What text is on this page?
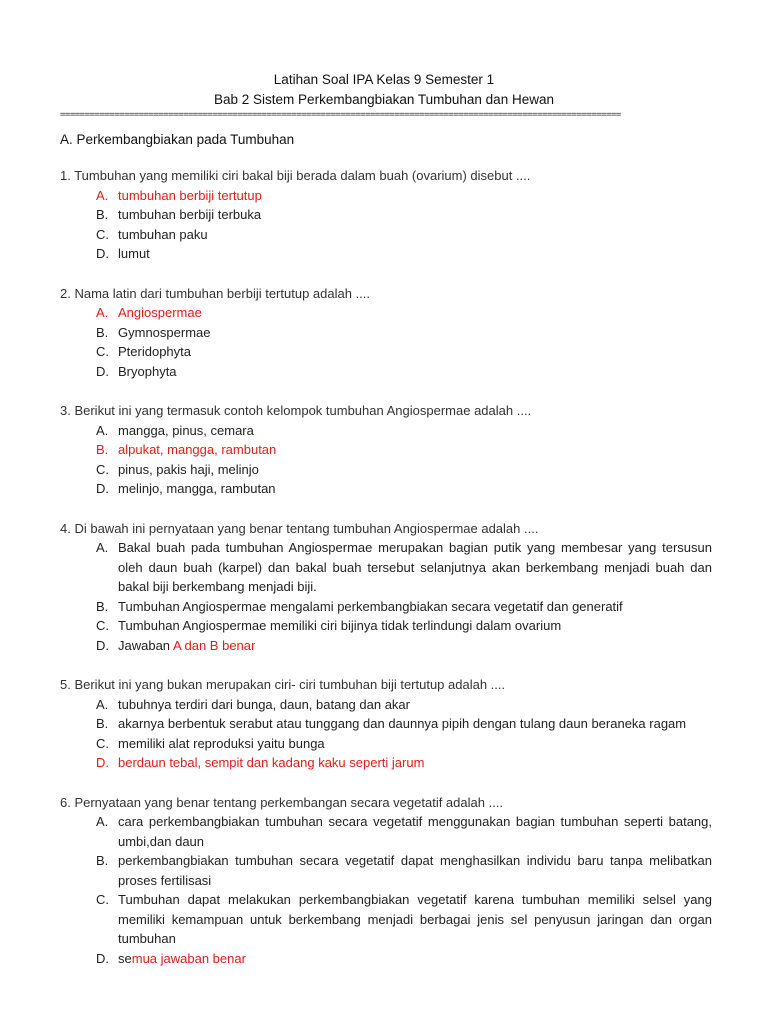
Latihan Soal IPA Kelas 9 Semester 1
Bab 2 Sistem Perkembangbiakan Tumbuhan dan Hewan
==================================================================================================================
A. Perkembangbiakan pada Tumbuhan
1. Tumbuhan yang memiliki ciri bakal biji berada dalam buah (ovarium) disebut ....
A. tumbuhan berbiji tertutup
B. tumbuhan berbiji terbuka
C. tumbuhan paku
D. lumut
2. Nama latin dari tumbuhan berbiji tertutup adalah ....
A. Angiospermae
B. Gymnospermae
C. Pteridophyta
D. Bryophyta
3. Berikut ini yang termasuk contoh kelompok tumbuhan Angiospermae adalah ....
A. mangga, pinus, cemara
B. alpukat, mangga, rambutan
C. pinus, pakis haji, melinjo
D. melinjo, mangga, rambutan
4. Di bawah ini pernyataan yang benar tentang tumbuhan Angiospermae adalah ....
A. Bakal buah pada tumbuhan Angiospermae merupakan bagian putik yang membesar yang tersusun oleh daun buah (karpel) dan bakal buah tersebut selanjutnya akan berkembang menjadi buah dan bakal biji berkembang menjadi biji.
B. Tumbuhan Angiospermae mengalami perkembangbiakan secara vegetatif dan generatif
C. Tumbuhan Angiospermae memiliki ciri bijinya tidak terlindungi dalam ovarium
D. Jawaban A dan B benar
5. Berikut ini yang bukan merupakan ciri- ciri tumbuhan biji tertutup adalah ....
A. tubuhnya terdiri dari bunga, daun, batang dan akar
B. akarnya berbentuk serabut atau tunggang dan daunnya pipih dengan tulang daun beraneka ragam
C. memiliki alat reproduksi yaitu bunga
D. berdaun tebal, sempit dan kadang kaku seperti jarum
6. Pernyataan yang benar tentang perkembangan secara vegetatif adalah ....
A. cara perkembangbiakan tumbuhan secara vegetatif menggunakan bagian tumbuhan seperti batang, umbi,dan daun
B. perkembangbiakan tumbuhan secara vegetatif dapat menghasilkan individu baru tanpa melibatkan proses fertilisasi
C. Tumbuhan dapat melakukan perkembangbiakan vegetatif karena tumbuhan memiliki selsel yang memiliki kemampuan untuk berkembang menjadi berbagai jenis sel penyusun jaringan dan organ tumbuhan
D. semua jawaban benar
